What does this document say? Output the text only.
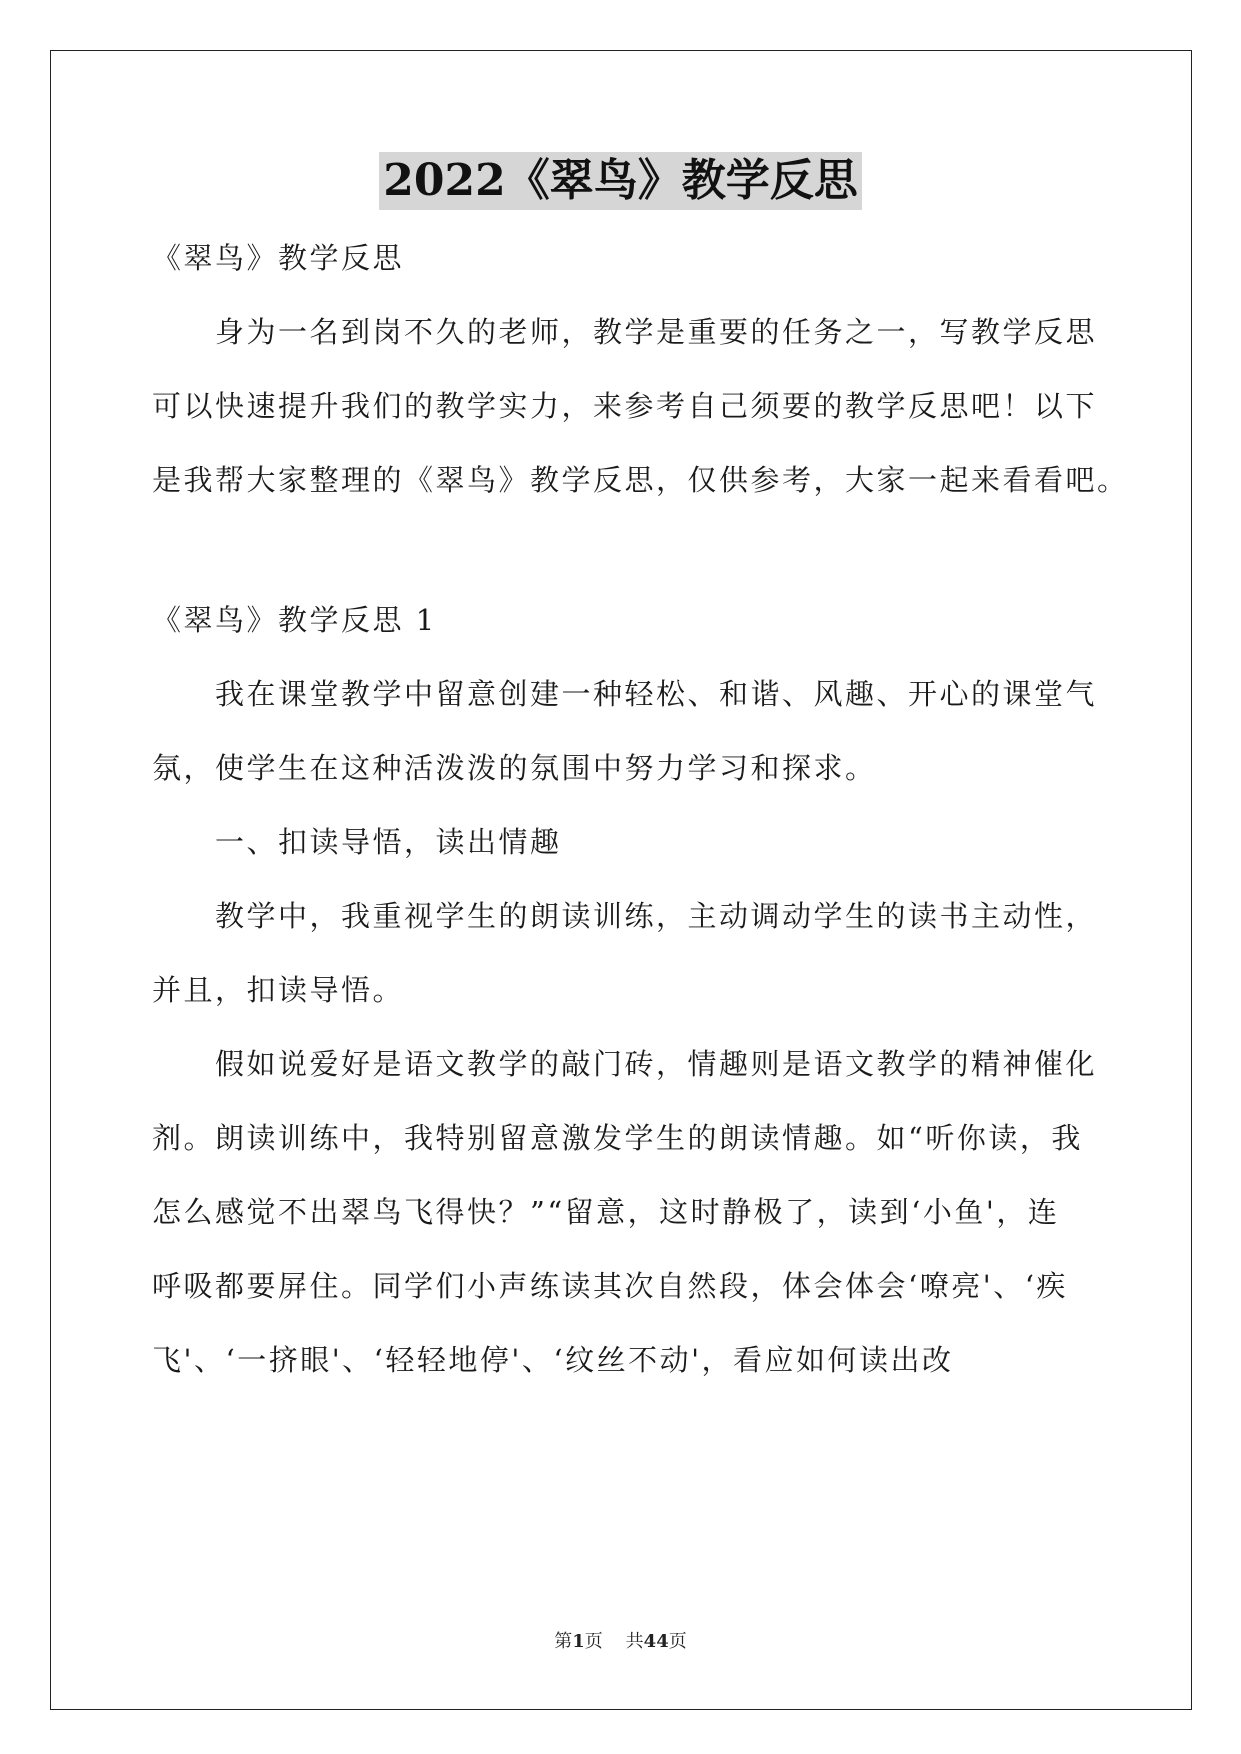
2022《翠鸟》教学反思
《翠鸟》教学反思
身为一名到岗不久的老师，教学是重要的任务之一，写教学反思
可以快速提升我们的教学实力，来参考自己须要的教学反思吧！以下
是我帮大家整理的《翠鸟》教学反思，仅供参考，大家一起来看看吧。
《翠鸟》教学反思 1
我在课堂教学中留意创建一种轻松、和谐、风趣、开心的课堂气
氛，使学生在这种活泼泼的氛围中努力学习和探求。
一、扣读导悟，读出情趣
教学中，我重视学生的朗读训练，主动调动学生的读书主动性，
并且，扣读导悟。
假如说爱好是语文教学的敲门砖，情趣则是语文教学的精神催化
剂。朗读训练中，我特别留意激发学生的朗读情趣。如“听你读，我
怎么感觉不出翠鸟飞得快？”“留意，这时静极了，读到‘小鱼'，连
呼吸都要屏住。同学们小声练读其次自然段，体会体会‘嘹亮'、‘疾
飞'、‘一挤眼'、‘轻轻地停'、‘纹丝不动'，看应如何读出改
第1页 共44页
